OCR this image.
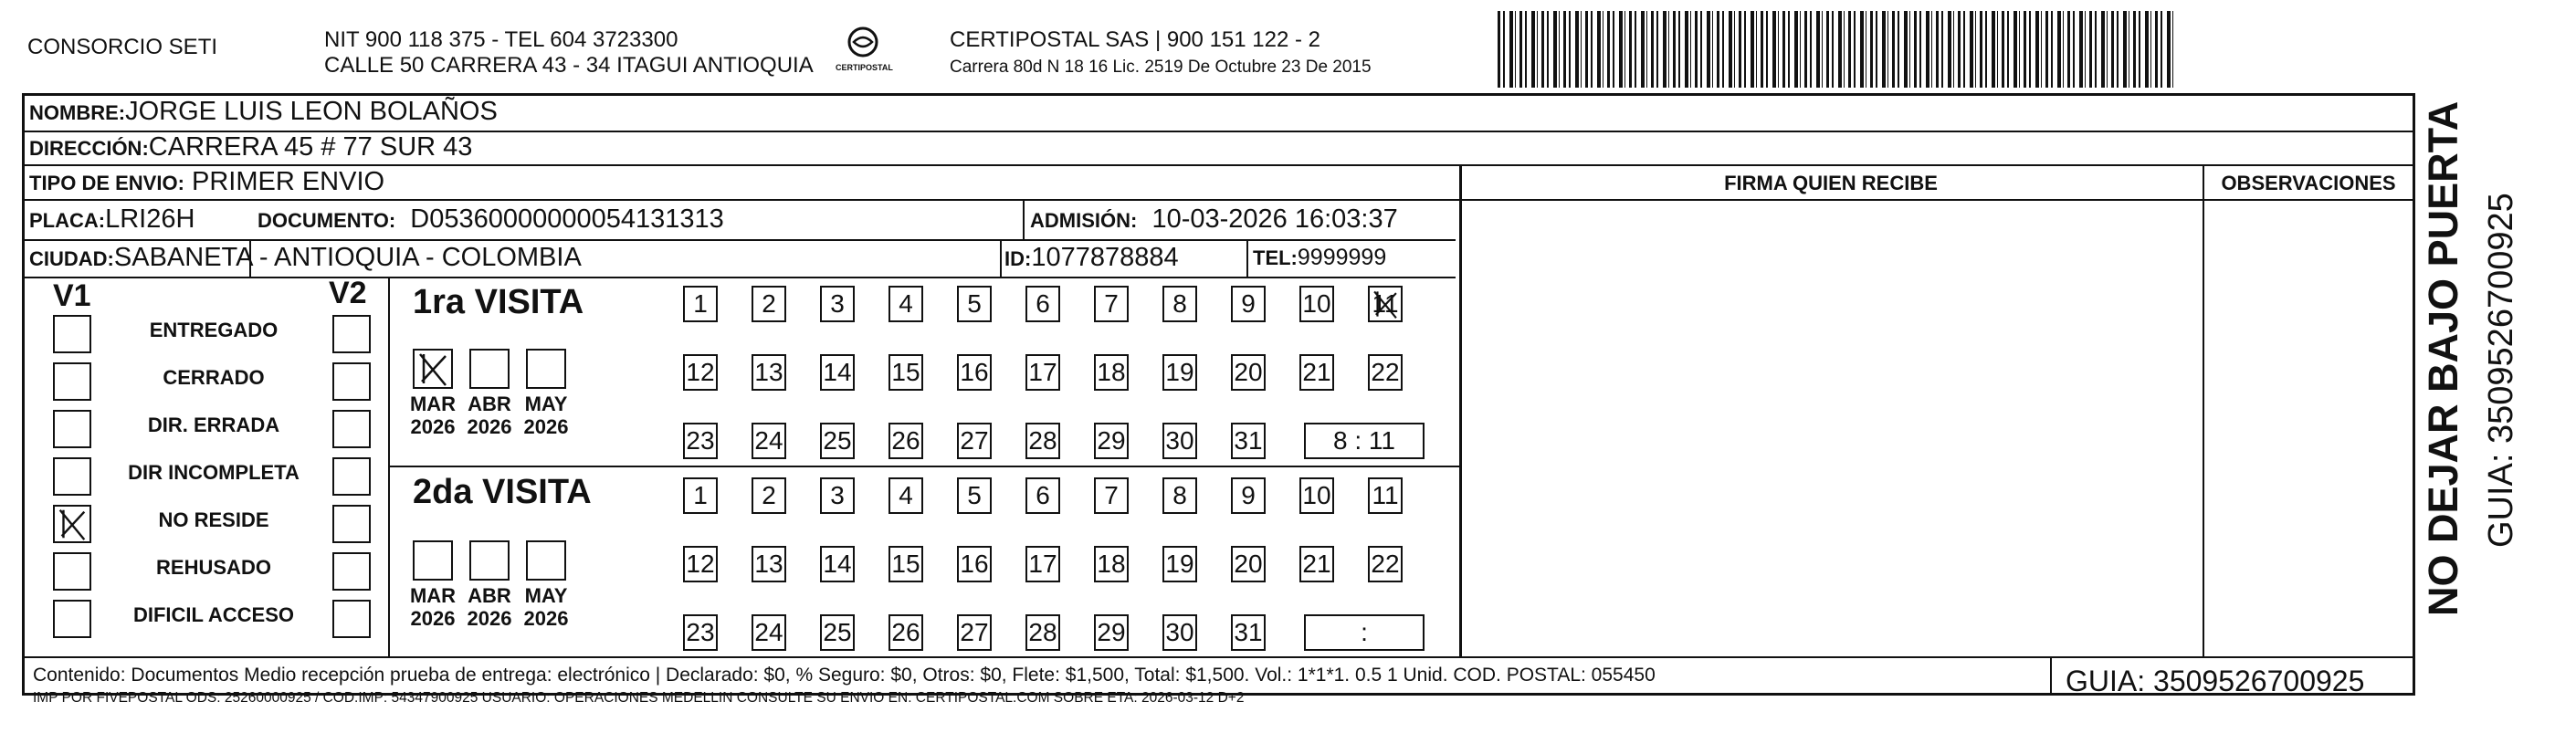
CONSORCIO SETI	NIT 900 118 375 - TEL 604 3723300
CALLE 50 CARRERA 43 - 34 ITAGUI ANTIOQUIA	CERTIPOSTAL
CERTIPOSTAL SAS | 900 151 122 - 2
Carrera 80d N 18 16 Lic. 2519 De Octubre 23 De 2015
NOMBRE:JORGE LUIS LEON BOLAÑOS
DIRECCIÓN:CARRERA 45 # 77 SUR 43
TIPO DE ENVIO: PRIMER ENVIO
PLACA:LRI26H	DOCUMENTO: D05360000000054131313	ADMISIÓN: 10-03-2026 16:03:37
CIUDAD:SABANETA - ANTIOQUIA - COLOMBIA	ID:1077878884	TEL:9999999
FIRMA QUIEN RECIBE	OBSERVACIONES
V1	V2
ENTREGADO
CERRADO
DIR. ERRADA
DIR INCOMPLETA
NO RESIDE
REHUSADO
DIFICIL ACCESO
1ra VISITA
2da VISITA
MAR
2026
ABR
2026
MAY
2026
MAR
2026
ABR
2026
MAY
2026
1	2	3	4	5	6	7	8	9	10 11
12 13 14 15 16 17 18 19 20 21 22
23 24 25 26 27 28 29 30 31	8 : 11
1	2	3	4	5	6	7	8	9	10 11
12 13 14 15 16 17 18 19 20 21 22
23 24 25 26 27 28 29 30 31	:
Contenido: Documentos Medio recepción prueba de entrega: electrónico | Declarado: $0, % Seguro: $0, Otros: $0, Flete: $1,500, Total: $1,500. Vol.: 1*1*1. 0.5 1 Unid. COD. POSTAL: 055450
IMP POR FIVEPOSTAL ODS: 25260000925 / COD.IMP: 54347900925 USUARIO: OPERACIONES MEDELLIN CONSULTE SU ENVIO EN: CERTIPOSTAL.COM SOBRE ETA: 2026-03-12 D+2
GUIA: 3509526700925
NO DEJAR BAJO PUERTA GUIA: 3509526700925
